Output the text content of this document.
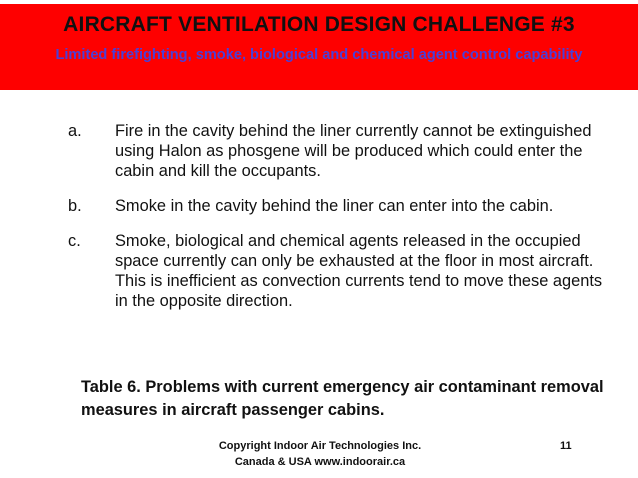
AIRCRAFT VENTILATION DESIGN CHALLENGE #3
Limited firefighting, smoke, biological and chemical agent control capability
a. Fire in the cavity behind the liner currently cannot be extinguished using Halon as phosgene will be produced which could enter the cabin and kill the occupants.
b. Smoke in the cavity behind the liner can enter into the cabin.
c. Smoke, biological and chemical agents released in the occupied space currently can only be exhausted at the floor in most aircraft. This is inefficient as convection currents tend to move these agents in the opposite direction.
Table 6. Problems with current emergency air contaminant removal measures in aircraft passenger cabins.
Copyright Indoor Air Technologies Inc.
Canada & USA www.indoorair.ca
11
